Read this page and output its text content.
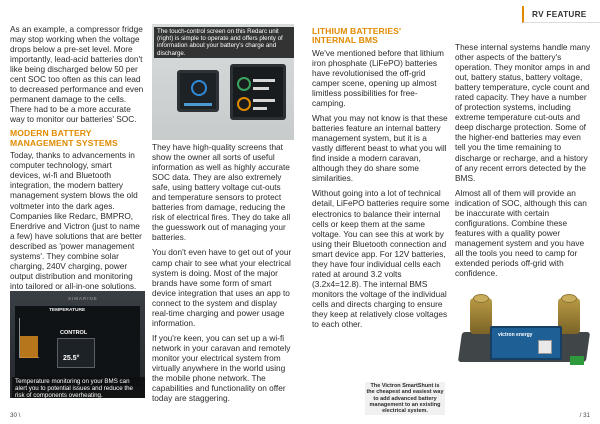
RV FEATURE

As an example, a compressor fridge may stop working when the voltage drops below a pre-set level. More importantly, lead-acid batteries don't like being discharged below 50 per cent SOC too often as this can lead to decreased performance and even permanent damage to the cells. There had to be a more accurate way to monitor our batteries' SOC.

MODERN BATTERY
MANAGEMENT SYSTEMS

Today, thanks to advancements in computer technology, smart devices, wi-fi and Bluetooth integration, the modern battery management system blows the old voltmeter into the dark ages. Companies like Redarc, BMPRO, Enerdrive and Victron (just to name a few) have solutions that are better described as 'power management systems'. They combine solar charging, 240V charging, power output distribution and monitoring into tailored or all-in-one solutions.

SIMARINE
TEMPERATURE
CONTROL
25.5°
Temperature monitoring on your BMS can alert you to potential issues and reduce the risk of components overheating.
The touch-control screen on this Redarc unit (right) is simple to operate and offers plenty of information about your battery's charge and discharge.

They have high-quality screens that show the owner all sorts of useful information as well as highly accurate SOC data. They are also extremely safe, using battery voltage cut-outs and temperature sensors to protect batteries from damage, reducing the risk of electrical fires. They do take all the guesswork out of managing your batteries.

You don't even have to get out of your camp chair to see what your electrical system is doing. Most of the major brands have some form of smart device integration that uses an app to connect to the system and display real-time charging and power usage information.

If you're keen, you can set up a wi-fi network in your caravan and remotely monitor your electrical system from virtually anywhere in the world using the mobile phone network. The capabilities and functionality on offer today are staggering.

LITHIUM BATTERIES'
INTERNAL BMS

We've mentioned before that lithium iron phosphate (LiFePO) batteries have revolutionised the off-grid camper scene, opening up almost limitless possibilities for free-camping.

What you may not know is that these batteries feature an internal battery management system, but it is a vastly different beast to what you will find inside a modern caravan, although they do share some similarities.

Without going into a lot of technical detail, LiFePO batteries require some electronics to balance their internal cells or keep them at the same voltage. You can see this at work by using their Bluetooth connection and smart device app. For 12V batteries, they have four individual cells each rated at around 3.2 volts (3.2x4=12.8). The internal BMS monitors the voltage of the individual cells and directs charging to ensure they keep at relatively close voltages to each other.

These internal systems handle many other aspects of the battery's operation. They monitor amps in and out, battery status, battery voltage, battery temperature, cycle count and rated capacity. They have a number of protection systems, including extreme temperature cut-outs and deep discharge protection. Some of the higher-end batteries may even tell you the time remaining to discharge or recharge, and a history of any recent errors detected by the BMS.

Almost all of them will provide an indication of SOC, although this can be inaccurate with certain configurations. Combine these features with a quality power management system and you have all the tools you need to camp for extended periods off-grid with confidence.

victron energy
The Victron SmartShunt is the cheapest and easiest way to add advanced battery management to an existing electrical system.
30 \	/ 31
